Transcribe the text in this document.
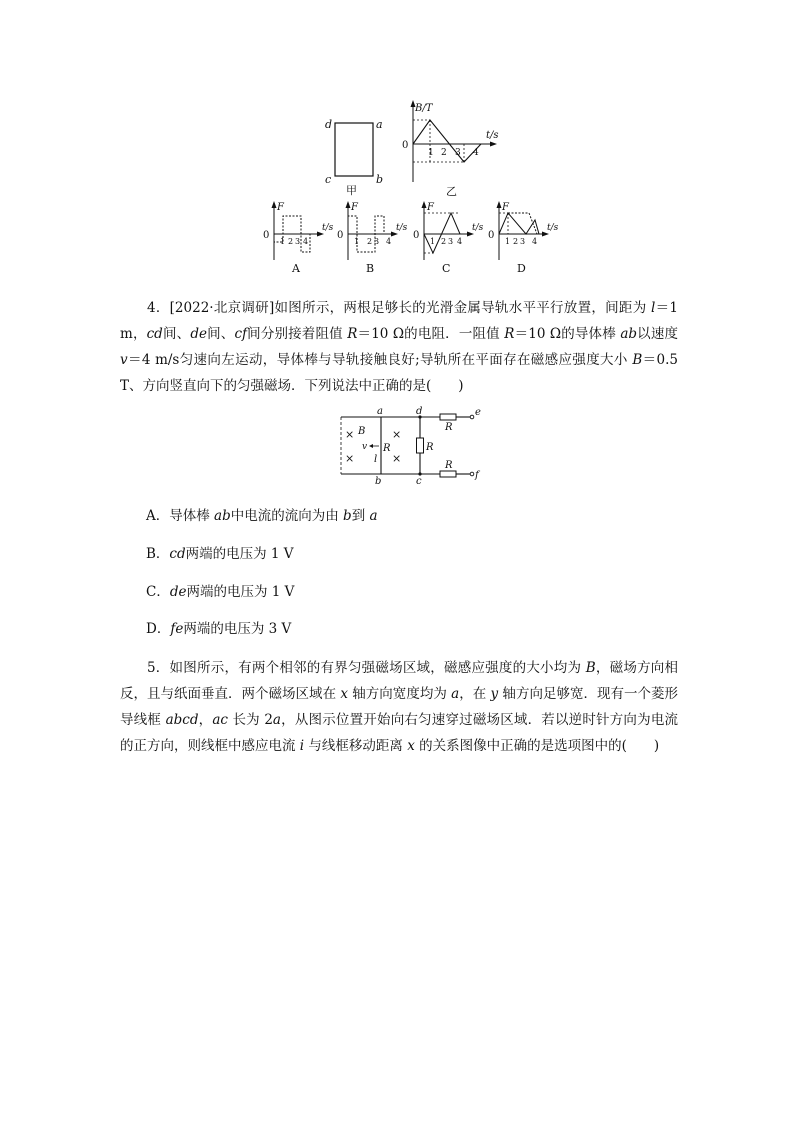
d	a
c	b
甲
B/T
t/s
0
1 2 3 4
乙
F
t/s
0
1 2 3 4
A
F
t/s
0
1 2 3 4
B
F
t/s
0
1 2 3 4
C
F
t/s
0
1 2 3 4
D

4．[2022·北京调研]如图所示，两根足够长的光滑金属导轨水平平行放置，间距为 l＝1 m，cd间、de间、cf间分别接着阻值 R＝10 Ω的电阻．一阻值 R＝10 Ω的导体棒 ab以速度 v＝4 m/s匀速向左运动，导体棒与导轨接触良好;导轨所在平面存在磁感应强度大小 B＝0.5 T、方向竖直向下的匀强磁场．下列说法中正确的是(　　)

a	d	e
b	c
f
R
R
R
R
l
B
v
×
×
×
×

A．导体棒 ab中电流的流向为由 b到 a

B．cd两端的电压为 1 V

C．de两端的电压为 1 V

D．fe两端的电压为 3 V

5．如图所示，有两个相邻的有界匀强磁场区域，磁感应强度的大小均为 B，磁场方向相反，且与纸面垂直．两个磁场区域在 x 轴方向宽度均为 a，在 y 轴方向足够宽．现有一个菱形导线框 abcd，ac 长为 2a，从图示位置开始向右匀速穿过磁场区域．若以逆时针方向为电流的正方向，则线框中感应电流 i 与线框移动距离 x 的关系图像中正确的是选项图中的(　　)
